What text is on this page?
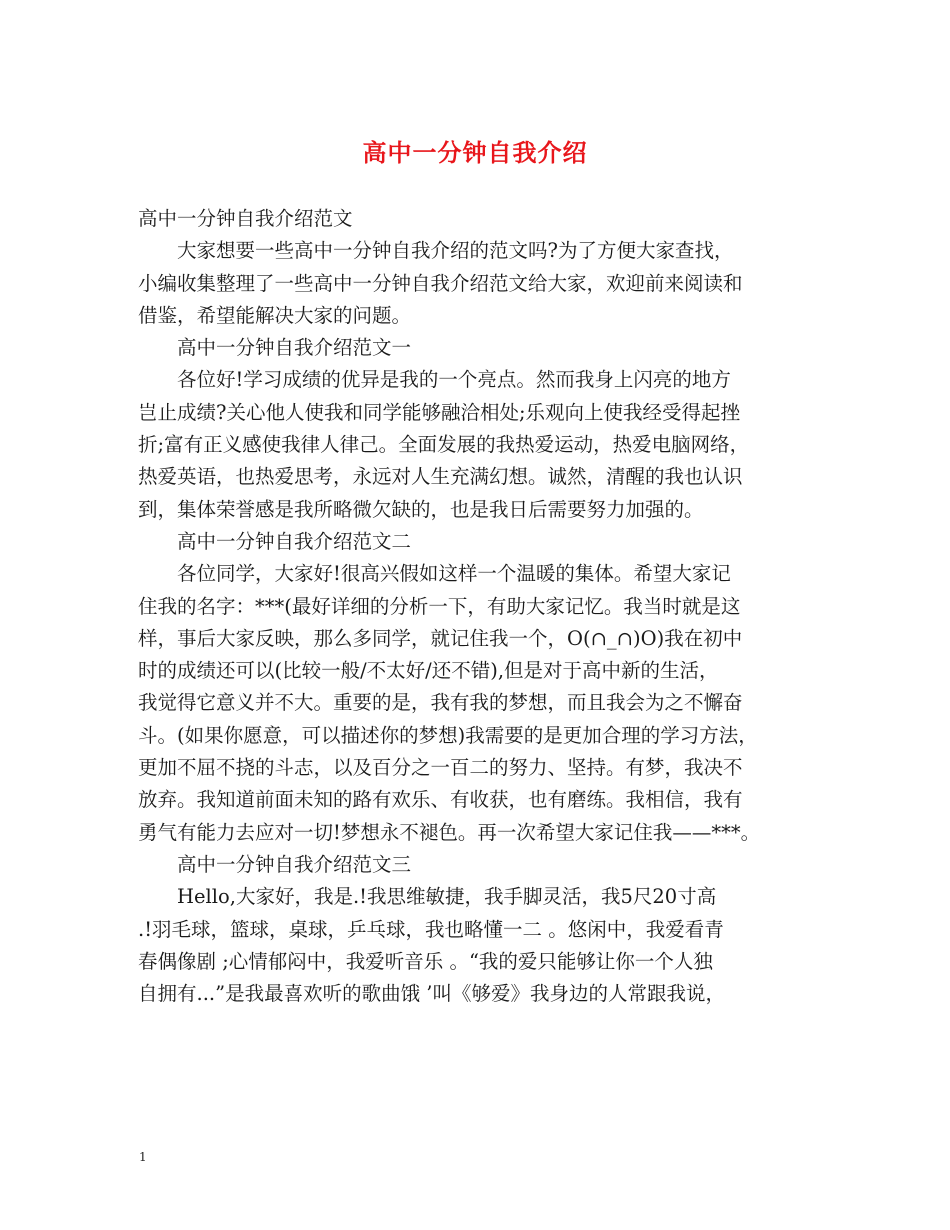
高中一分钟自我介绍

高中一分钟自我介绍范文

大家想要一些高中一分钟自我介绍的范文吗?为了方便大家查找，
小编收集整理了一些高中一分钟自我介绍范文给大家，欢迎前来阅读和
借鉴，希望能解决大家的问题。

高中一分钟自我介绍范文一

各位好!学习成绩的优异是我的一个亮点。然而我身上闪亮的地方
岂止成绩?关心他人使我和同学能够融洽相处;乐观向上使我经受得起挫
折;富有正义感使我律人律己。全面发展的我热爱运动，热爱电脑网络，
热爱英语，也热爱思考，永远对人生充满幻想。诚然，清醒的我也认识
到，集体荣誉感是我所略微欠缺的，也是我日后需要努力加强的。

高中一分钟自我介绍范文二

各位同学，大家好!很高兴假如这样一个温暖的集体。希望大家记
住我的名字：***(最好详细的分析一下，有助大家记忆。我当时就是这
样，事后大家反映，那么多同学，就记住我一个，O(∩_∩)O)我在初中
时的成绩还可以(比较一般/不太好/还不错),但是对于高中新的生活，
我觉得它意义并不大。重要的是，我有我的梦想，而且我会为之不懈奋
斗。(如果你愿意，可以描述你的梦想)我需要的是更加合理的学习方法，
更加不屈不挠的斗志，以及百分之一百二的努力、坚持。有梦，我决不
放弃。我知道前面未知的路有欢乐、有收获，也有磨练。我相信，我有
勇气有能力去应对一切!梦想永不褪色。再一次希望大家记住我——***。

高中一分钟自我介绍范文三

Hello,大家好，我是.!我思维敏捷，我手脚灵活，我5尺20寸高
.!羽毛球，篮球，桌球，乒乓球，我也略懂一二 。悠闲中，我爱看青
春偶像剧 ;心情郁闷中，我爱听音乐 。“我的爱只能够让你一个人独
自拥有...”是我最喜欢听的歌曲饿 ’叫《够爱》我身边的人常跟我说，

1
